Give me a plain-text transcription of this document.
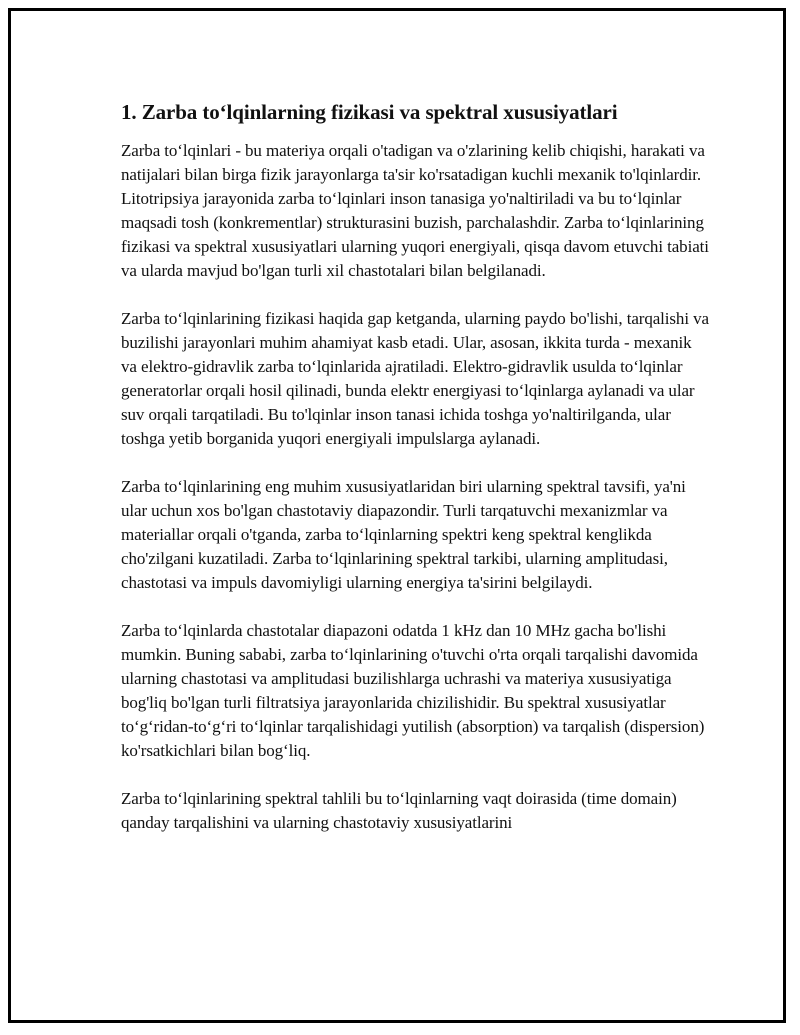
1. Zarba to‘lqinlarning fizikasi va spektral xususiyatlari

Zarba to‘lqinlari - bu materiya orqali o'tadigan va o'zlarining kelib chiqishi, harakati va natijalari bilan birga fizik jarayonlarga ta'sir ko'rsatadigan kuchli mexanik to'lqinlardir. Litotripsiya jarayonida zarba to‘lqinlari inson tanasiga yo'naltiriladi va bu to‘lqinlar maqsadi tosh (konkrementlar) strukturasini buzish, parchalashdir. Zarba to‘lqinlarining fizikasi va spektral xususiyatlari ularning yuqori energiyali, qisqa davom etuvchi tabiati va ularda mavjud bo'lgan turli xil chastotalari bilan belgilanadi.

Zarba to‘lqinlarining fizikasi haqida gap ketganda, ularning paydo bo'lishi, tarqalishi va buzilishi jarayonlari muhim ahamiyat kasb etadi. Ular, asosan, ikkita turda - mexanik va elektro-gidravlik zarba to‘lqinlarida ajratiladi. Elektro-gidravlik usulda to‘lqinlar generatorlar orqali hosil qilinadi, bunda elektr energiyasi to‘lqinlarga aylanadi va ular suv orqali tarqatiladi. Bu to'lqinlar inson tanasi ichida toshga yo'naltirilganda, ular toshga yetib borganida yuqori energiyali impulslarga aylanadi.

Zarba to‘lqinlarining eng muhim xususiyatlaridan biri ularning spektral tavsifi, ya'ni ular uchun xos bo'lgan chastotaviy diapazondir. Turli tarqatuvchi mexanizmlar va materiallar orqali o'tganda, zarba to‘lqinlarning spektri keng spektral kenglikda cho'zilgani kuzatiladi. Zarba to‘lqinlarining spektral tarkibi, ularning amplitudasi, chastotasi va impuls davomiyligi ularning energiya ta'sirini belgilaydi.

Zarba to‘lqinlarda chastotalar diapazoni odatda 1 kHz dan 10 MHz gacha bo'lishi mumkin. Buning sababi, zarba to‘lqinlarining o'tuvchi o'rta orqali tarqalishi davomida ularning chastotasi va amplitudasi buzilishlarga uchrashi va materiya xususiyatiga bog'liq bo'lgan turli filtratsiya jarayonlarida chizilishidir. Bu spektral xususiyatlar to‘g‘ridan-to‘g‘ri to‘lqinlar tarqalishidagi yutilish (absorption) va tarqalish (dispersion) ko'rsatkichlari bilan bog‘liq.

Zarba to‘lqinlarining spektral tahlili bu to‘lqinlarning vaqt doirasida (time domain) qanday tarqalishini va ularning chastotaviy xususiyatlarini
